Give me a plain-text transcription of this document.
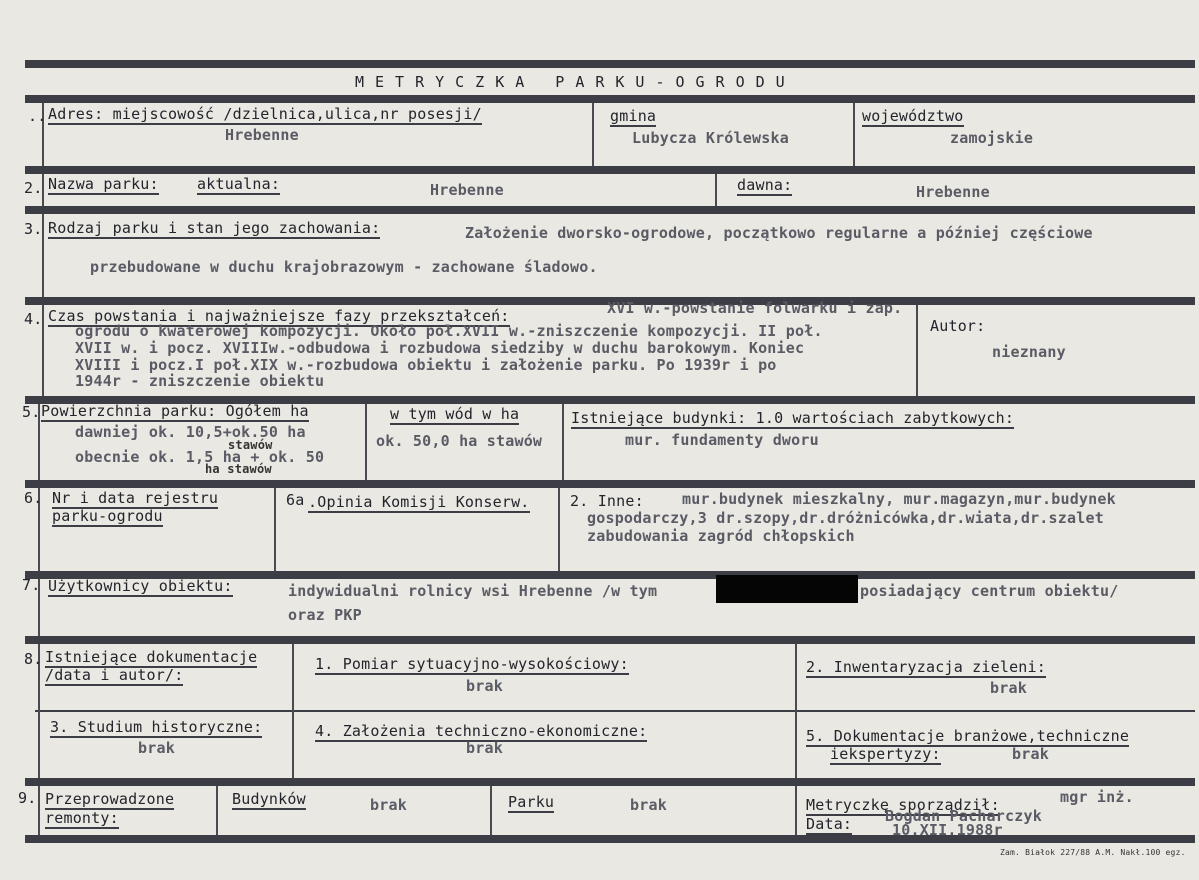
METRYCZKA PARKU-OGRODU
.. Adres: miejscowość /dzielnica,ulica,nr posesji/
Hrebenne
gmina
Lubycza Królewska
województwo
zamojskie
2. Nazwa parku:	aktualna:	Hrebenne	dawna:	Hrebenne
3. Rodzaj parku i stan jego zachowania:	Założenie dworsko-ogrodowe, początkowo regularne a później częściowe
przebudowane w duchu krajobrazowym - zachowane śladowo.
4. Czas powstania i najważniejsze fazy przekształceń:	XVI w.-powstanie folwarku i zap.
ogrodu o kwaterowej kompozycji. Około poł.XVII w.-zniszczenie kompozycji. II poł.
XVII w. i pocz. XVIIIw.-odbudowa i rozbudowa siedziby w duchu barokowym. Koniec
XVIII i pocz.I poł.XIX w.-rozbudowa obiektu i założenie parku. Po 1939r i po
1944r - zniszczenie obiektu
Autor:
nieznany
5. Powierzchnia parku: Ogółem ha
dawniej ok. 10,5+ok.50 ha
stawów
obecnie ok. 1,5 ha + ok. 50
ha stawów
w tym wód w ha
ok. 50,0 ha stawów
Istniejące budynki: 1.0 wartościach zabytkowych:
mur. fundamenty dworu
6. Nr i data rejestru
parku-ogrodu
6a .Opinia Komisji Konserw.	2. Inne:	mur.budynek mieszkalny, mur.magazyn,mur.budynek
gospodarczy,3 dr.szopy,dr.dróżnicówka,dr.wiata,dr.szalet
zabudowania zagród chłopskich
7. Użytkownicy obiektu:	indywidualni rolnicy wsi Hrebenne /w tym	posiadający centrum obiektu/
oraz PKP
8. Istniejące dokumentacje
/data i autor/:
1. Pomiar sytuacyjno-wysokościowy:
brak
2. Inwentaryzacja zieleni:
brak
3. Studium historyczne:
brak
4. Założenia techniczno-ekonomiczne:
brak
5. Dokumentacje branżowe,techniczne
iekspertyzy:	brak
9. Przeprowadzone
remonty:
Budynków	brak	Parku	brak	Metryczkę sporządził:	mgr inż.
Bogdan Pacharczyk
Data:	10.XII.1988r
Zam. Białok 227/88 A.M. Nakł.100 egz.
